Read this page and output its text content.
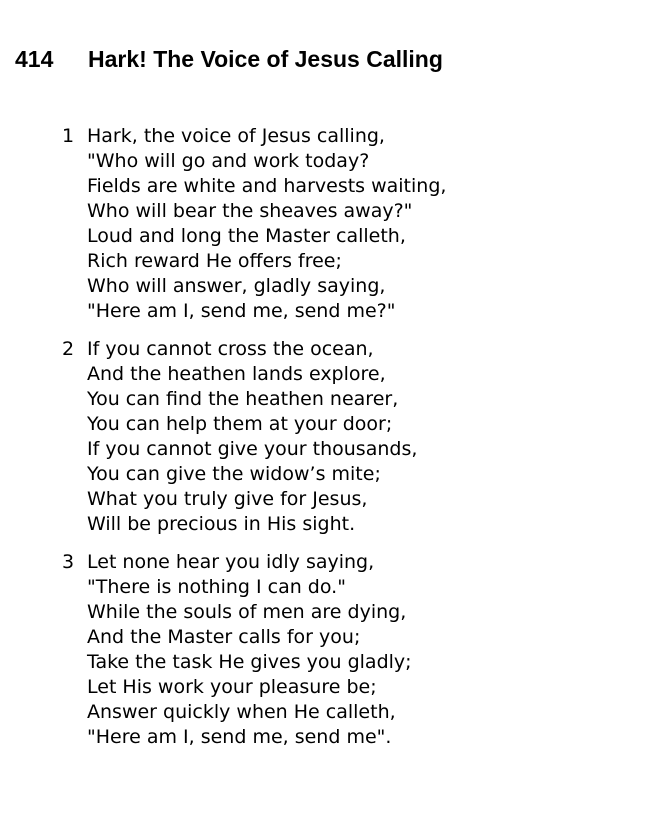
414 Hark! The Voice of Jesus Calling
1 Hark, the voice of Jesus calling,
"Who will go and work today?
Fields are white and harvests waiting,
Who will bear the sheaves away?"
Loud and long the Master calleth,
Rich reward He offers free;
Who will answer, gladly saying,
"Here am I, send me, send me?"
2 If you cannot cross the ocean,
And the heathen lands explore,
You can find the heathen nearer,
You can help them at your door;
If you cannot give your thousands,
You can give the widow’s mite;
What you truly give for Jesus,
Will be precious in His sight.
3 Let none hear you idly saying,
"There is nothing I can do."
While the souls of men are dying,
And the Master calls for you;
Take the task He gives you gladly;
Let His work your pleasure be;
Answer quickly when He calleth,
"Here am I, send me, send me".
